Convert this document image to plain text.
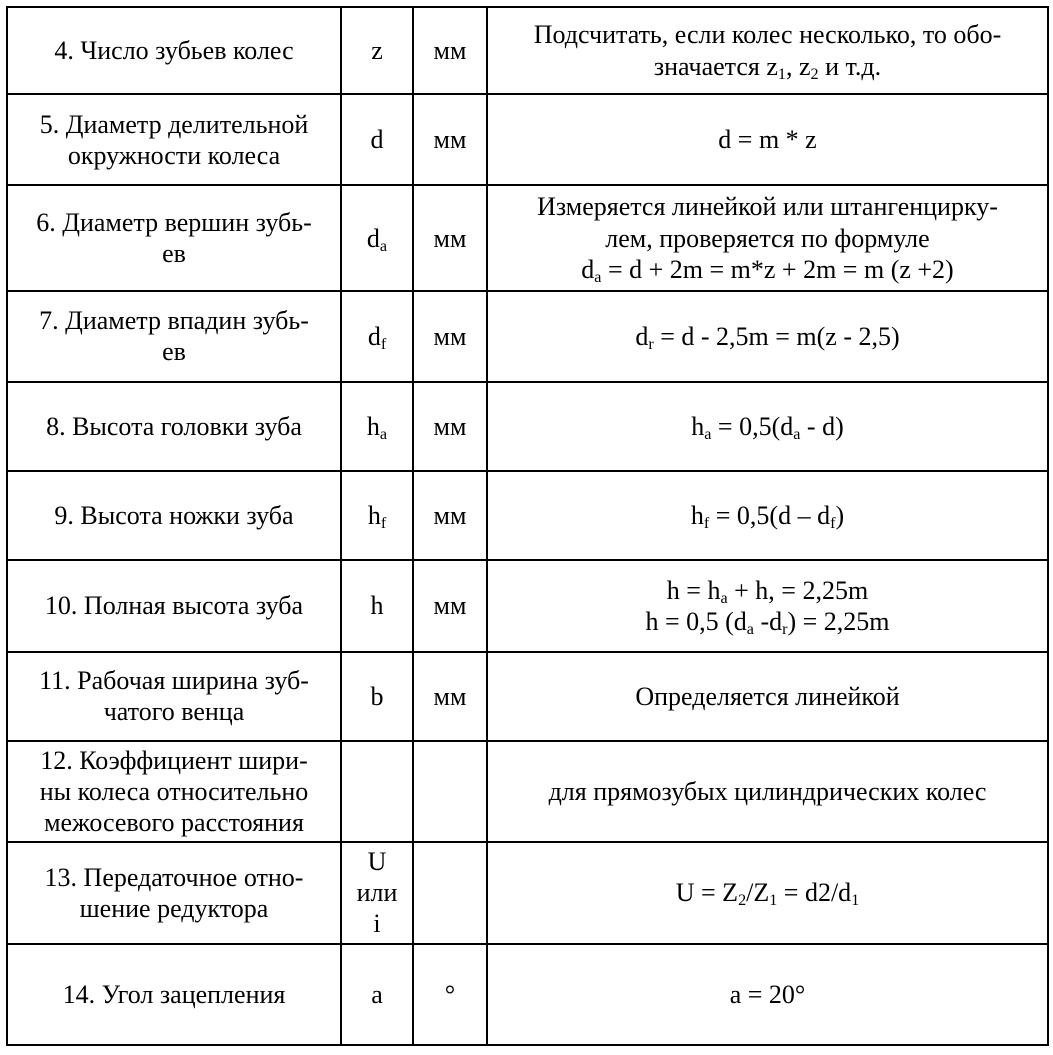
4. Число зубьев колес	z	мм	Подсчитать, если колес несколько, то обо-
значается $z_1$, $z_2$ и т.д.

5. Диаметр делительной
окружности колеса	d	мм	d = m * z

6. Диаметр вершин зубь-
ев	$d_a$	мм	Измеряется линейкой или штангенцирку-
лем, проверяется по формуле
$d_a = d + 2m = m*z + 2m = m$ (z +2)

7. Диаметр впадин зубь-
ев	$d_f$	мм	$d_r = d - 2,5m = m(z - 2,5)$

8. Высота головки зуба	$h_a$	мм	$h_a = 0,5(d_a - d)$

9. Высота ножки зуба	$h_f$	мм	$h_f = 0,5(d - d_f)$

10. Полная высота зуба	h	мм	$h = h_a + h$, = 2,25m
h = 0,5 ($d_a$ $-d_r) = 2,25m$

11. Рабочая ширина зуб-
чатого венца	b	мм	Определяется линейкой

12. Коэффициент шири-
ны колеса относительно
межосевого расстояния			для прямозубых цилиндрических колес

13. Передаточное отно-
шение редуктора	U
или
i		$U = Z_2/Z_1 = d2/d_1$

14. Угол зацепления	a	°	a = 20°
